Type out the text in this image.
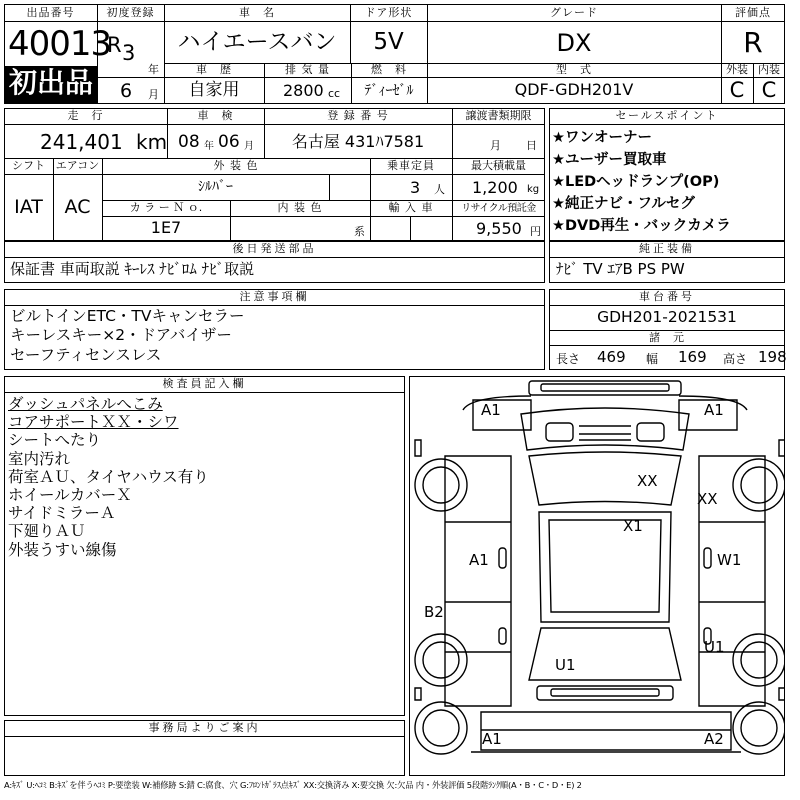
出品番号
40013
初出品
初度登録
R 3
年
6 月
車　名
ハイエースバン
ドア形状
5V
グレード
DX
評価点
R
車　歴
自家用
排 気 量
2800 cc
燃　料
ﾃﾞｨｰｾﾞﾙ
型　式
QDF-GDH201V
外装 内装
C C
走　行
241,401 km
車　検
08 年 06 月
登 録 番 号
名古屋 431ﾊ7581
譲渡書類期限
月 日
シフト
IAT
エアコン
AC
外 装 色
ｼﾙﾊﾞｰ
乗車定員
3 人
最大積載量
1,200 kg
カ ラ ー Ｎ ｏ.
1E7
内 装 色
系
輸 入 車	リサイクル預託金
9,550 円
後日発送部品
保証書 車両取説 ｷｰﾚｽ ﾅﾋﾞﾛﾑ ﾅﾋﾞ取説
セールスポイント
★ワンオーナー
★ユーザー買取車
★LEDヘッドランプ(OP)
★純正ナビ・フルセグ
★DVD再生・バックカメラ
純正装備
ﾅﾋﾞ TV ｴｱB PS PW
注意事項欄
ビルトインETC・TVキャンセラー
キーレスキー×2・ドアバイザー
セーフティセンスレス
車台番号
GDH201-2021531
諸　元
長さ 469 幅 169 高さ 198
検査員記入欄
ダッシュパネルへこみ
コアサポートＸＸ・シワ
シートへたり
室内汚れ
荷室ＡＵ、タイヤハウス有り
ホイールカバーＸ
サイドミラーＡ
下廻りＡＵ
外装うすい線傷
事務局よりご案内
A1	A1
XX
XX
X1
A1	W1
B2
U1
U1
A1	A2
A:ｷｽﾞ U:ﾍｺﾐ B:ｷｽﾞを伴うﾍｺﾐ P:要塗装 W:補修跡 S:錆 C:腐食、穴 G:ﾌﾛﾝﾄｶﾞﾗｽ点ｷｽﾞ XX:交換済み X:要交換 欠:欠品 内・外装評価 5段階ﾗﾝｸ順(A・B・C・D・E) 2
